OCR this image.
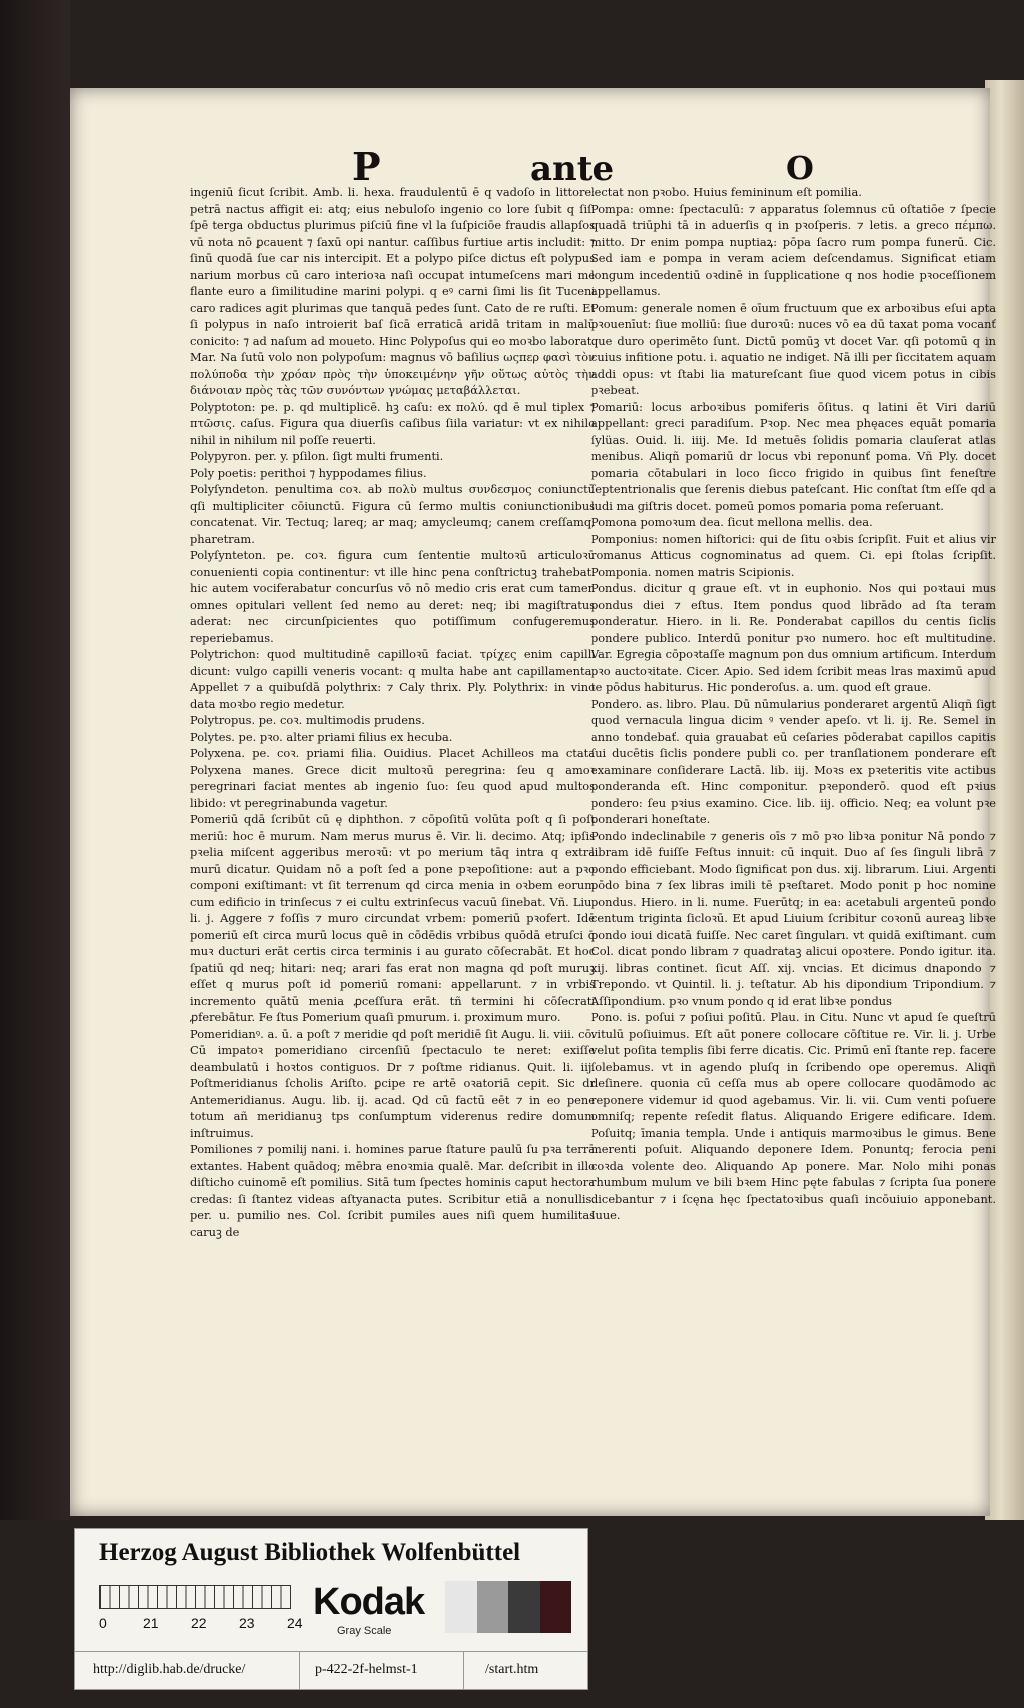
P	ante	O

ingeniū ſicut ſcribit. Amb. li. hexa. fraudulentū ē q vadoſo in littore: petrā nactus affigit ei: atq; eius nebuloſo ingenio co lore ſubit q ſiſi ſpē terga obductus plurimus piſciū fine vl la ſuſpiciōe fraudis allapſos vū nota nō ꝑcauent ⁊ ſaxū opi nantur. caſſibus furtiue artis includit: ⁊ ſinū quodā ſue car nis intercipit. Et a polypo piſce dictus eſt polypus narium morbus cū caro interioꝛa naſi occupat intumeſcens mari me flante euro a ſimilitudine marini polypi. q eꝰ carni ſimi lis ſit Tuceni caro radices agit plurimas que tanquā pedes ſunt. Cato de re ruſti. Et ſi polypus in naſo introierit baſ ſicā erraticā aridā tritam in malū conicito: ⁊ ad naſum ad moueto. Hinc Polypoſus qui eo moꝛbo laborat. Mar. Na ſutū volo non polypoſum: magnus vō baſilius ωςπερ φασὶ τὸν πολύποδα τὴν χρόαν πρὸς τὴν ὑποκειμένην γῆν οὕτως αὐτὸς τὴν διάνοιαν πρὸς τὰς τῶν συνόντων γνώμας μεταβάλλεται.

Polyptoton: pe. p. qd multiplicē. hꝫ caſu: ex πολύ. qd ē mul tiplex ⁊ πτῶσις. caſus. Figura qua diuerſis caſibus ſiila variatur: vt ex nihilo nihil in nihilum nil poſſe reuerti.

Polypyron. per. y. pſilon. ſigt multi frumenti.

Poly poetis: perithoi ⁊ hyppodames filius.

Polyſyndeton. penultima coꝛ. ab πολὺ multus συνδεσμος coniunctū qſi multipliciter cōiunctū. Figura cū ſermo multis coniunctionibus concatenat. Vir. Tectuq; lareq; ar maq; amycleumq; canem creſſamq; pharetram.

Polyſynteton. pe. coꝛ. figura cum ſententie multoꝛū articuloꝛū conuenienti copia continentur: vt ille hinc pena conſtrictuꝫ trahebat: hic autem vociferabatur concurſus vō nō medio cris erat cum tamen omnes opitulari vellent ſed nemo au deret: neq; ibi magiſtratus aderat: nec circunſpicientes quo potiſſimum confugeremus reperiebamus.

Polytrichon: quod multitudinē capilloꝛū faciat. τρίχες enim capilli dicunt: vulgo capilli veneris vocant: q multa habe ant capillamenta. Appellet ⁊ a quibuſdā polythrix: ⁊ Caly thrix. Ply. Polythrix: in vino data moꝛbo regio medetur.

Polytropus. pe. coꝛ. multimodis prudens.

Polytes. pe. pꝛo. alter priami filius ex hecuba.

Polyxena. pe. coꝛ. priami filia. Ouidius. Placet Achilleos ma ctata Polyxena manes. Grece dicit multoꝛū peregrina: ſeu q amoꝛ peregrinari faciat mentes ab ingenio ſuo: ſeu quod apud multos libido: vt peregrinabunda vagetur.

Pomeriū qdā ſcribūt cū ę diphthon. ⁊ cōpoſitū volūta poſt q ſi poſt meriū: hoc ē murum. Nam merus murus ē. Vir. li. decimo. Atq; ipſis pꝛelia miſcent aggeribus meroꝛū: vt po merium tāq intra q extra murū dicatur. Quidam nō a poſt ſed a pone pꝛepoſitione: aut a pꝛo componi exiſtimant: vt ſit terrenum qd circa menia in oꝛbem eorum cum edificio in trinſecus ⁊ ei cultu extrinſecus vacuū ſinebat. Vñ. Liu. li. j. Aggere ⁊ foſſis ⁊ muro circundat vrbem: pomeriū pꝛofert. Idē pomeriū eſt circa murū locus quē in cōdēdis vrbibus quōdā etruſci q̄ muꝛ ducturi erāt certis circa terminis i au gurato cōſecrabāt. Et hoc ſpatiū qd neq; hitari: neq; arari fas erat non magna qd poſt muruꝫ eſſet q murus poſt id pomeriū romani: appellarunt. ⁊ in vrbis incremento quātū menia ꝓceſſura erāt. tñ termini hi cōſecrati ꝓferebātur. Fe ſtus Pomerium quaſi pmurum. i. proximum muro.

Pomeridianꝰ. a. ū. a poſt ⁊ meridie qd poſt meridiē ſit Augu. li. viii. cō. Cū impatoꝛ pomeridiano circenſiū ſpectaculo te neret: exiſſe deambulatū i hoꝛtos contiguos. Dr ⁊ poſtme ridianus. Quit. li. iij. Poſtmeridianus ſcholis Ariſto. ꝑcipe re artē oꝛatoriā cepit. Sic dr Antemeridianus. Augu. lib. ij. acad. Qd cū factū eēt ⁊ in eo pene totum añ meridianuꝫ tps conſumptum viderenus redire domum inſtruimus.

Pomiliones ⁊ pomilij nani. i. homines parue ſtature paulū ſu pꝛa terrā extantes. Habent quādoq; mēbra enoꝛmia qualē. Mar. deſcribit in illo diſticho cuinomē eſt pomilius. Sitā tum ſpectes hominis caput hectora credas: ſi ſtantez videas aſtyanacta putes. Scribitur etiā a nonullis. per. u. pumilio nes. Col. ſcribit pumiles aues niſi quem humilitas caruꝫ de

lectat non pꝛobo. Huius femininum eſt pomilia.

Pompa: omne: ſpectaculū: ⁊ apparatus ſolemnus cū oſtatiōe ⁊ ſpecie quadā triūphi tā in aduerſis q in pꝛoſperis. ⁊ letis. a greco πέμπω. mitto. Dr enim pompa nuptiaꝝ: pōpa ſacro rum pompa funerū. Cic. Sed iam e pompa in veram aciem deſcendamus. Significat etiam longum incedentiū oꝛdinē in ſupplicatione q nos hodie pꝛoceſſionem appellamus.

Pomum: generale nomen ē oīum fructuum que ex arboꝛibus eſui apta pꝛouenīut: ſiue molliū: ſiue duroꝛū: nuces vō ea dū taxat poma vocanť que duro operimēto ſunt. Dictū pomūꝫ vt docet Var. qſi potomū q in cuius infitione potu. i. aquatio ne indiget. Nā illi per ſiccitatem aquam addi opus: vt ſtabi lia matureſcant ſiue quod vicem potus in cibis pꝛebeat.

Pomariū: locus arboꝛibus pomiferis ōſitus. q latini ēt Viri dariū appellant: greci paradiſum. Pꝛop. Nec mea phęaces equāt pomaria ſylüas. Ouid. li. iiij. Me. Id metuēs ſolidis pomaria clauſerat atlas menibus. Aliqñ pomariū dr locus vbi reponunť poma. Vñ Ply. docet pomaria cōtabulari in loco ſicco frigido in quibus ſint feneſtre ſeptentrionalis que ſerenis diebus pateſcant. Hic conſtat ſtm eſſe qd a ludi ma giſtris docet. pomeū pomos pomaria poma reſeruant.

Pomona pomoꝛum dea. ſicut mellona mellis. dea.

Pomponius: nomen hiſtorici: qui de ſitu oꝛbis ſcripſit. Fuit et alius vir romanus Atticus cognominatus ad quem. Ci. epi ſtolas ſcripſit. Pomponia. nomen matris Scipionis.

Pondus. dicitur q graue eſt. vt in euphonio. Nos qui poꝛtaui mus pondus diei ⁊ eſtus. Item pondus quod librādo ad ſta teram ponderatur. Hiero. in li. Re. Ponderabat capillos du centis ſiclis pondere publico. Interdū ponitur pꝛo numero. hoc eſt multitudine. Var. Egregia cōpoꝛtaſſe magnum pon dus omnium artificum. Interdum pꝛo auctoꝛitate. Cicer. Apio. Sed idem ſcribit meas lras maximū apud te pōdus habiturus. Hic ponderoſus. a. um. quod eſt graue.

Pondero. as. libro. Plau. Dū nūmularius ponderaret argentū Aliqñ ſigt quod vernacula lingua dicim ꝰ vender apeſo. vt li. ij. Re. Semel in anno tondebať. quia grauabat eū ceſaries pōderabat capillos capitis ſui ducētis ſiclis pondere publi co. per tranſlationem ponderare eſt examinare conſiderare Lactā. lib. iij. Moꝛs ex pꝛeteritis vite actibus ponderanda eſt. Hinc componitur. pꝛeponderō. quod eſt pꝛius pondero: ſeu pꝛius examino. Cice. lib. iij. officio. Neq; ea volunt pꝛe ponderari honeſtate.

Pondo indeclinabile ⁊ generis oīs ⁊ mō pꝛo libꝛa ponitur Nā pondo ⁊ libram idē fuiſſe Feſtus innuit: cū inquit. Duo aſ ſes ſinguli librā ⁊ pondo efficiebant. Modo ſignificat pon dus. xij. librarum. Liui. Argenti pōdo bina ⁊ ſex libras imili tē pꝛeſtaret. Modo ponit p hoc nomine pondus. Hiero. in li. nume. Fuerūtq; in ea: acetabuli argenteū pondo centum triginta ſicloꝛū. Et apud Liuium ſcribitur coꝛonū aureaꝫ libꝛe pondo ioui dicatā fuiſſe. Nec caret ſinguları. vt quidā exiſtimant. cum Col. dicat pondo libram ⁊ quadrataꝫ alicui opoꝛtere. Pondo igitur. ita. xij. libras continet. ſicut Aſſ. xij. vncias. Et dicimus dnapondo ⁊ Trepondo. vt Quintil. li. j. teſtatur. Ab his dipondium Tripondium. ⁊ Aſſipondium. pꝛo vnum pondo q id erat libꝛe pondus

Pono. is. poſui ⁊ poſiui poſitū. Plau. in Citu. Nunc vt apud ſe queſtrū vitulū poſiuimus. Eſt aūt ponere collocare cōſtitue re. Vir. li. j. Urbe velut poſita templis ſibi ferre dicatis. Cic. Primū enī ſtante rep. facere ſolebamus. vt in agendo pluſq in ſcribendo ope operemus. Aliqñ deſinere. quonia cū ceſſa mus ab opere collocare quodāmodo ac reponere videmur id quod agebamus. Vir. li. vii. Cum venti poſuere omniſq; repente reſedit flatus. Aliquando Erigere edificare. Idem. Poſuitq; īmania templa. Unde i antiquis marmoꝛibus le gimus. Bene merenti poſuit. Aliquando deponere Idem. Ponuntq; ferocia peni coꝛda volente deo. Aliquando Ap ponere. Mar. Nolo mihi ponas rhumbum mulum ve bili bꝛem Hinc pęte fabulas ⁊ ſcripta ſua ponere dicebantur ⁊ i ſcęna hęc ſpectatoꝛibus quaſi incōuiuio apponebant. Iuue.

Herzog August Bibliothek Wolfenbüttel
0	21 22 23 24 Kodak
Gray Scale
http://diglib.hab.de/drucke/	p-422-2f-helmst-1	/start.htm
